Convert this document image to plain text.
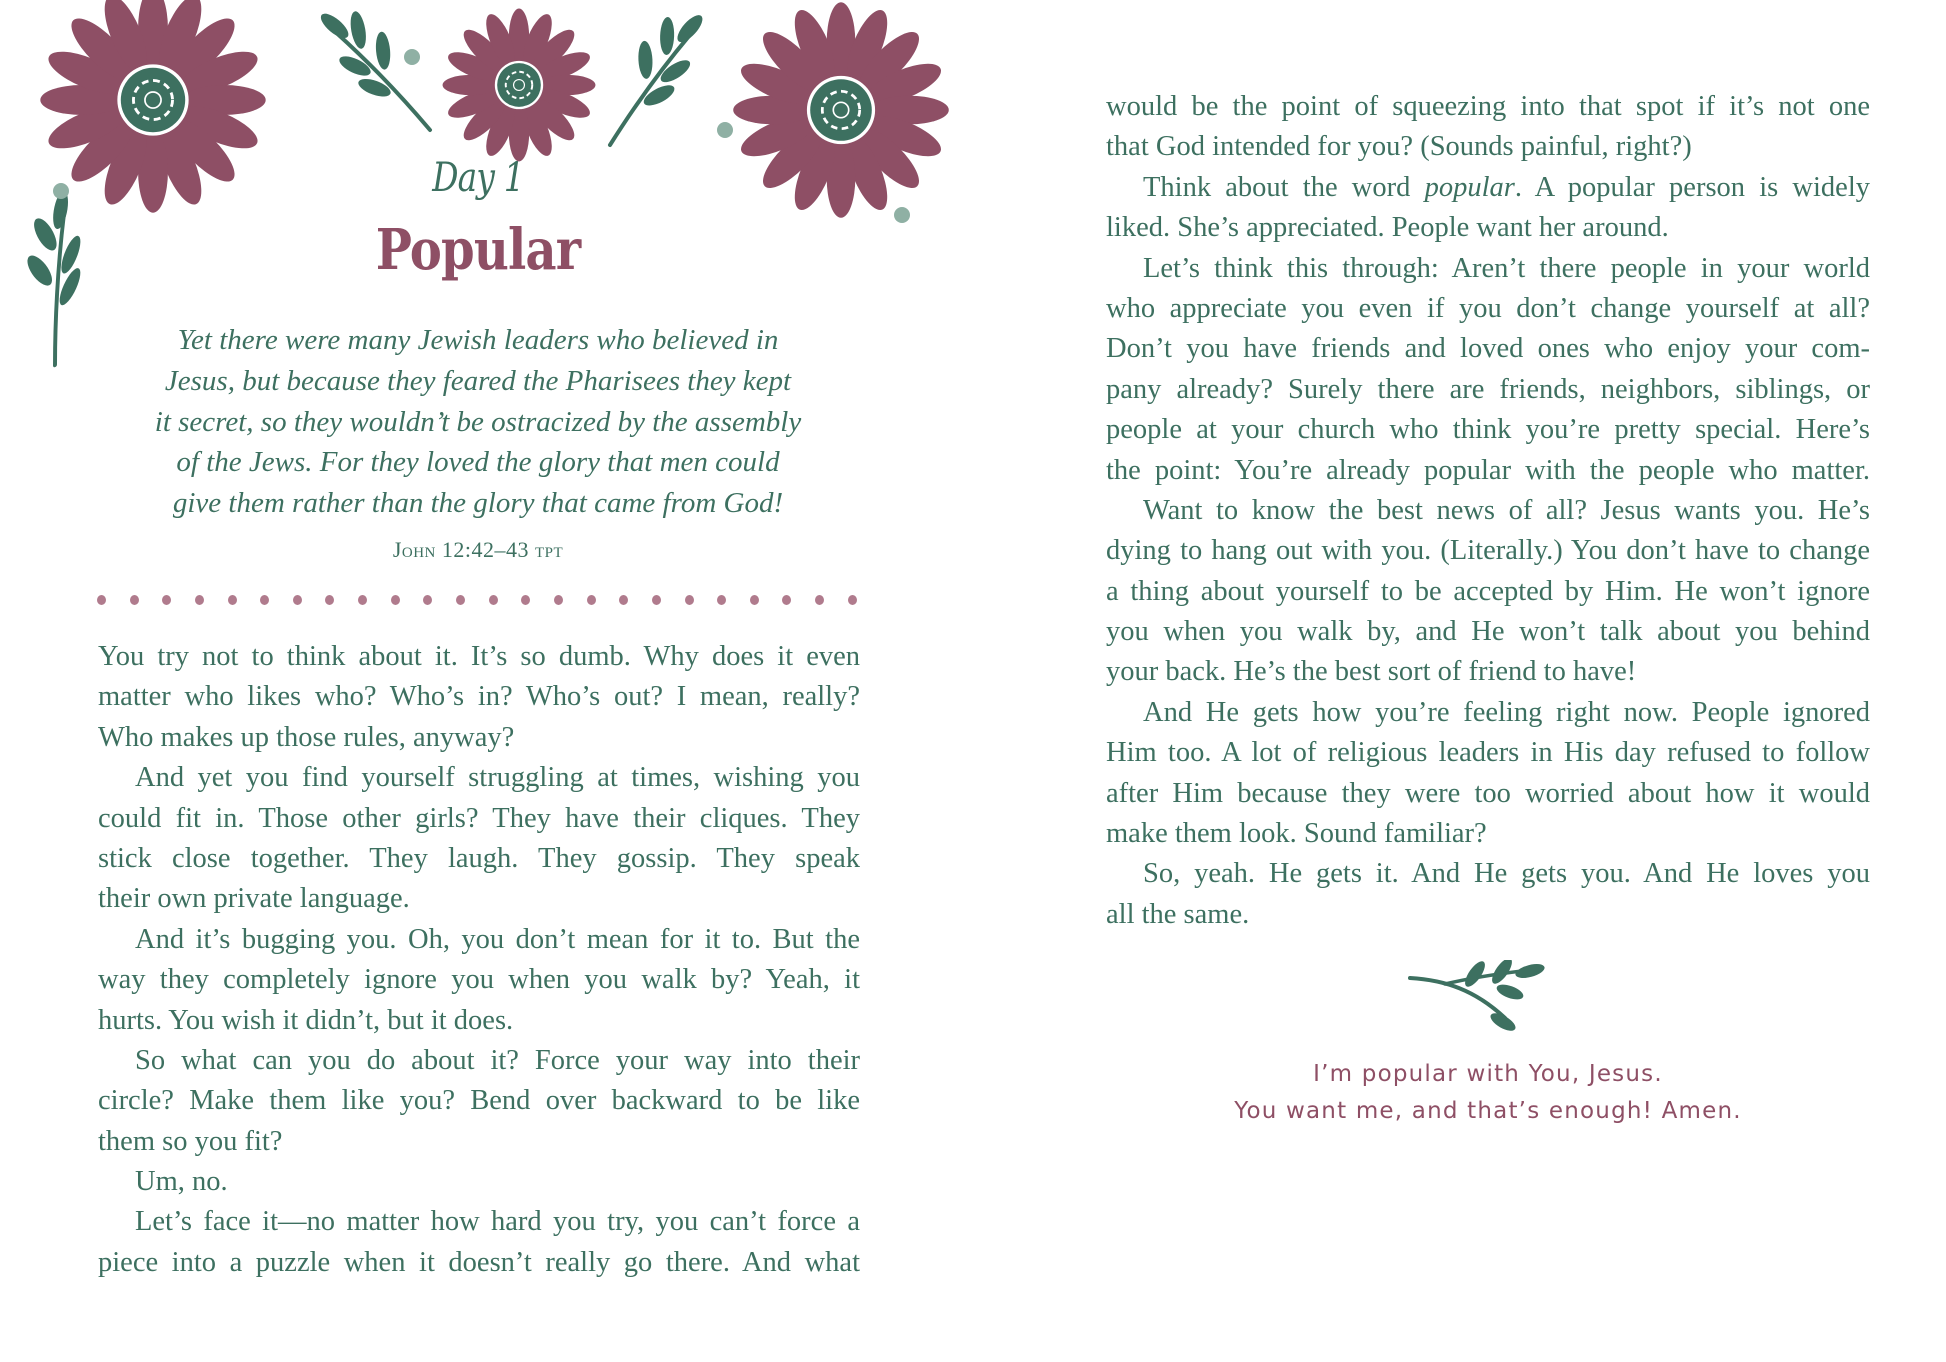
Day 1
Popular
Yet there were many Jewish leaders who believed in
Jesus, but because they feared the Pharisees they kept
it secret, so they wouldn’t be ostracized by the assembly
of the Jews. For they loved the glory that men could
give them rather than the glory that came from God!
John 12:42–43 tpt
You try not to think about it. It’s so dumb. Why does it even
matter who likes who? Who’s in? Who’s out? I mean, really?
Who makes up those rules, anyway?
And yet you find yourself struggling at times, wishing you
could fit in. Those other girls? They have their cliques. They
stick close together. They laugh. They gossip. They speak
their own private language.
And it’s bugging you. Oh, you don’t mean for it to. But the
way they completely ignore you when you walk by? Yeah, it
hurts. You wish it didn’t, but it does.
So what can you do about it? Force your way into their
circle? Make them like you? Bend over backward to be like
them so you fit?
Um, no.
Let’s face it—no matter how hard you try, you can’t force a
piece into a puzzle when it doesn’t really go there. And what
would be the point of squeezing into that spot if it’s not one
that God intended for you? (Sounds painful, right?)
Think about the word popular. A popular person is widely
liked. She’s appreciated. People want her around.
Let’s think this through: Aren’t there people in your world
who appreciate you even if you don’t change yourself at all?
Don’t you have friends and loved ones who enjoy your com-
pany already? Surely there are friends, neighbors, siblings, or
people at your church who think you’re pretty special. Here’s
the point: You’re already popular with the people who matter.
Want to know the best news of all? Jesus wants you. He’s
dying to hang out with you. (Literally.) You don’t have to change
a thing about yourself to be accepted by Him. He won’t ignore
you when you walk by, and He won’t talk about you behind
your back. He’s the best sort of friend to have!
And He gets how you’re feeling right now. People ignored
Him too. A lot of religious leaders in His day refused to follow
after Him because they were too worried about how it would
make them look. Sound familiar?
So, yeah. He gets it. And He gets you. And He loves you
all the same.
I’m popular with You, Jesus.
You want me, and that’s enough! Amen.
